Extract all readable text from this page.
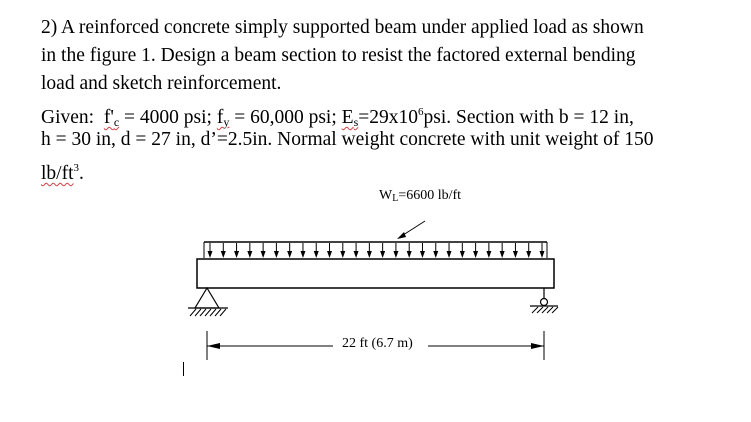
2) A reinforced concrete simply supported beam under applied load as shown
in the figure 1. Design a beam section to resist the factored external bending
load and sketch reinforcement.
Given: $f'_c = 4000$ psi; $f_y = 60,000$ psi; $E_s=29x10^6psi$. Section with b = 12 in,
h = 30 in, d = 27 in, d’=2.5in. Normal weight concrete with unit weight of 150
$lb/ft^3$.
WL=6600 lb/ft
22 ft (6.7 m)
